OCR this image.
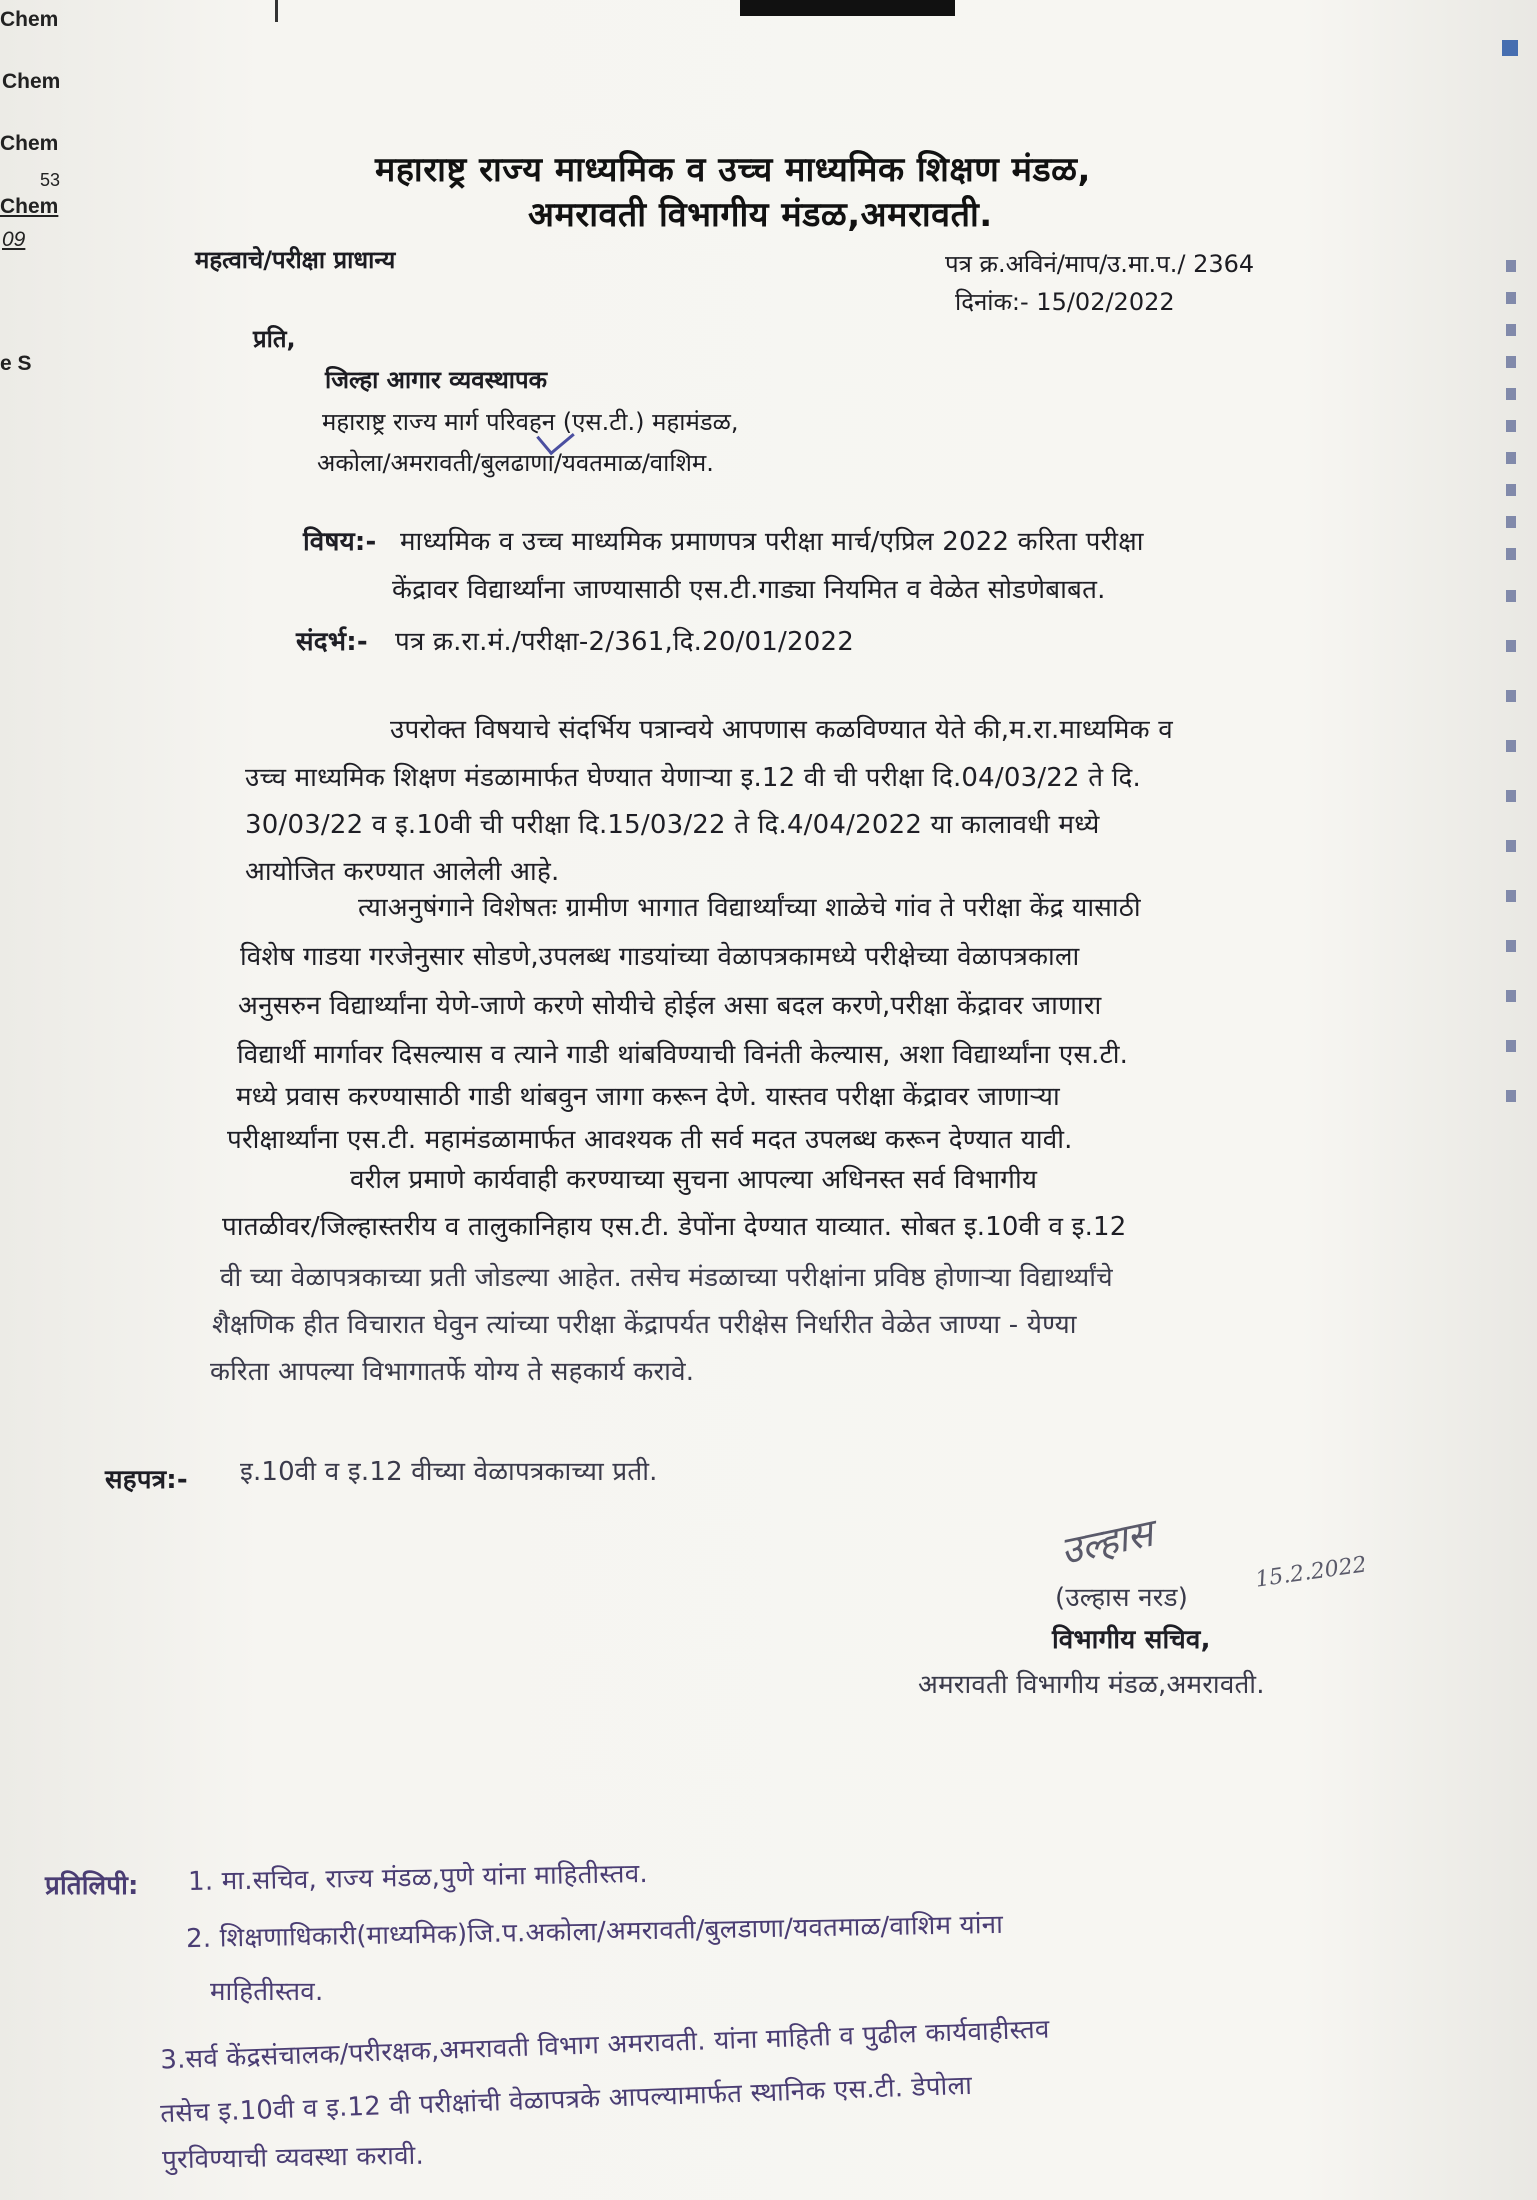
Chem
Chem
Chem
53
Chem
09
e S
महाराष्ट्र राज्य माध्यमिक व उच्च माध्यमिक शिक्षण मंडळ,
अमरावती विभागीय मंडळ,अमरावती.
महत्वाचे/परीक्षा प्राधान्य	पत्र क्र.अविनं/माप/उ.मा.प./ 2364
दिनांक:- 15/02/2022
प्रति,
जिल्हा आगार व्यवस्थापक
महाराष्ट्र राज्य मार्ग परिवहन (एस.टी.) महामंडळ,
अकोला/अमरावती/बुलढाणा/यवतमाळ/वाशिम.
विषय:- माध्यमिक व उच्च माध्यमिक प्रमाणपत्र परीक्षा मार्च/एप्रिल 2022 करिता परीक्षा
केंद्रावर विद्यार्थ्यांना जाण्यासाठी एस.टी.गाड्या नियमित व वेळेत सोडणेबाबत.
संदर्भ:- पत्र क्र.रा.मं./परीक्षा-2/361,दि.20/01/2022
उपरोक्त विषयाचे संदर्भिय पत्रान्वये आपणास कळविण्यात येते की,म.रा.माध्यमिक व
उच्च माध्यमिक शिक्षण मंडळामार्फत घेण्यात येणाऱ्या इ.12 वी ची परीक्षा दि.04/03/22 ते दि.
30/03/22 व इ.10वी ची परीक्षा दि.15/03/22 ते दि.4/04/2022 या कालावधी मध्ये
आयोजित करण्यात आलेली आहे.
त्याअनुषंगाने विशेषतः ग्रामीण भागात विद्यार्थ्यांच्या शाळेचे गांव ते परीक्षा केंद्र यासाठी
विशेष गाडया गरजेनुसार सोडणे,उपलब्ध गाडयांच्या वेळापत्रकामध्ये परीक्षेच्या वेळापत्रकाला
अनुसरुन विद्यार्थ्यांना येणे-जाणे करणे सोयीचे होईल असा बदल करणे,परीक्षा केंद्रावर जाणारा
विद्यार्थी मार्गावर दिसल्यास व त्याने गाडी थांबविण्याची विनंती केल्यास, अशा विद्यार्थ्यांना एस.टी.
मध्ये प्रवास करण्यासाठी गाडी थांबवुन जागा करून देणे. यास्तव परीक्षा केंद्रावर जाणाऱ्या
परीक्षार्थ्यांना एस.टी. महामंडळामार्फत आवश्यक ती सर्व मदत उपलब्ध करून देण्यात यावी.
वरील प्रमाणे कार्यवाही करण्याच्या सुचना आपल्या अधिनस्त सर्व विभागीय
पातळीवर/जिल्हास्तरीय व तालुकानिहाय एस.टी. डेपोंना देण्यात याव्यात. सोबत इ.10वी व इ.12
वी च्या वेळापत्रकाच्या प्रती जोडल्या आहेत. तसेच मंडळाच्या परीक्षांना प्रविष्ठ होणाऱ्या विद्यार्थ्यांचे
शैक्षणिक हीत विचारात घेवुन त्यांच्या परीक्षा केंद्रापर्यत परीक्षेस निर्धारीत वेळेत जाण्या - येण्या
करिता आपल्या विभागातर्फे योग्य ते सहकार्य करावे.
सहपत्र:- इ.10वी व इ.12 वीच्या वेळापत्रकाच्या प्रती.
उल्हास	15.2.2022
(उल्हास नरड)
विभागीय सचिव,
अमरावती विभागीय मंडळ,अमरावती.
प्रतिलिपी: 1. मा.सचिव, राज्य मंडळ,पुणे यांना माहितीस्तव.
2. शिक्षणाधिकारी(माध्यमिक)जि.प.अकोला/अमरावती/बुलडाणा/यवतमाळ/वाशिम यांना
माहितीस्तव.
3.सर्व केंद्रसंचालक/परीरक्षक,अमरावती विभाग अमरावती. यांना माहिती व पुढील कार्यवाहीस्तव
तसेच इ.10वी व इ.12 वी परीक्षांची वेळापत्रके आपल्यामार्फत स्थानिक एस.टी. डेपोला
पुरविण्याची व्यवस्था करावी.
